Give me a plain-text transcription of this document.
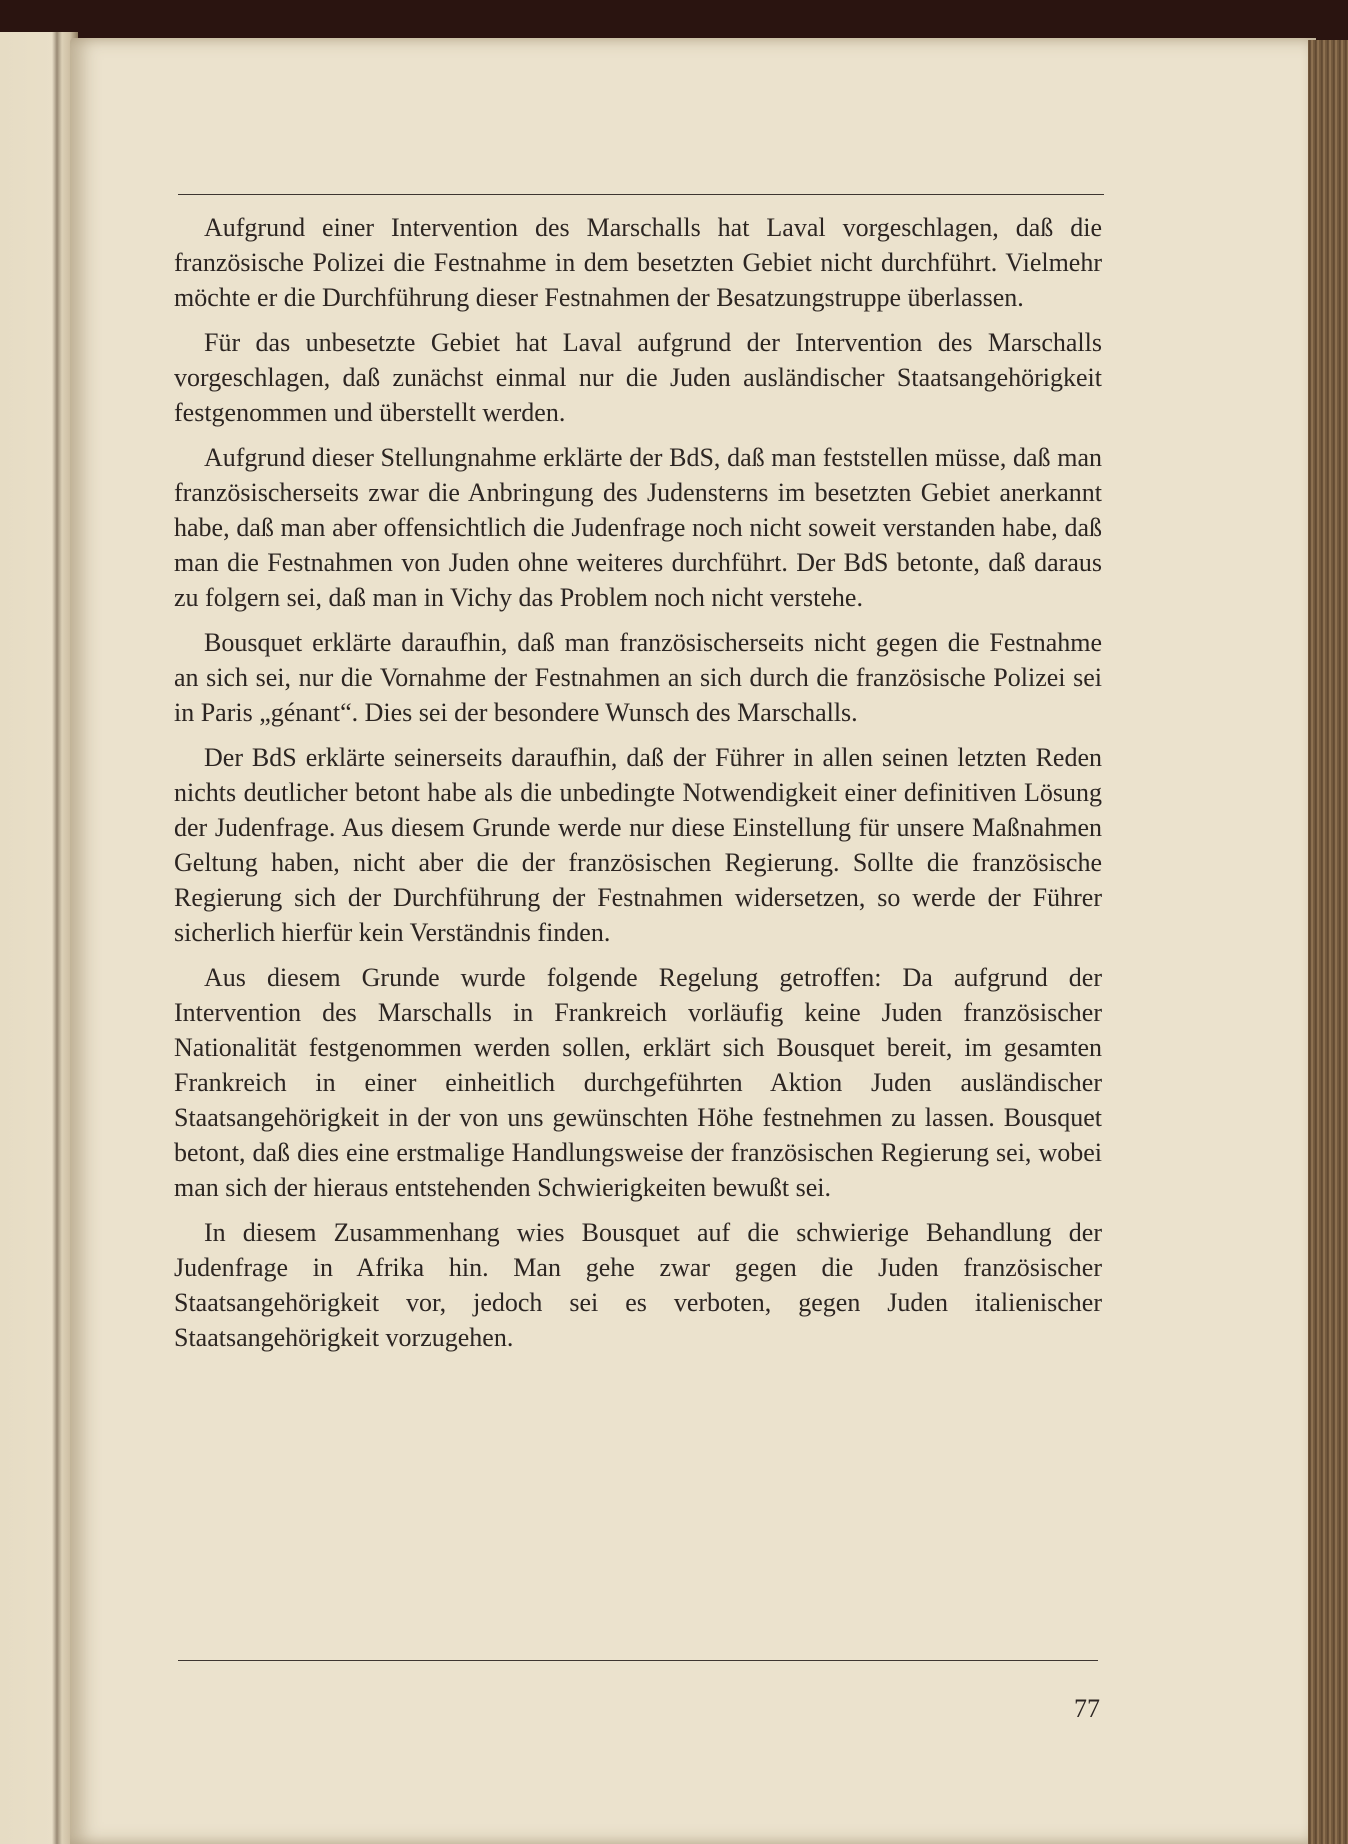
Aufgrund einer Intervention des Marschalls hat Laval vorgeschlagen, daß die französische Polizei die Festnahme in dem besetzten Gebiet nicht durchführt. Vielmehr möchte er die Durchführung dieser Festnahmen der Besatzungstruppe überlassen.

Für das unbesetzte Gebiet hat Laval aufgrund der Intervention des Marschalls vorgeschlagen, daß zunächst einmal nur die Juden ausländischer Staatsangehörigkeit festgenommen und überstellt werden.

Aufgrund dieser Stellungnahme erklärte der BdS, daß man feststellen müsse, daß man französischerseits zwar die Anbringung des Judensterns im besetzten Gebiet anerkannt habe, daß man aber offensichtlich die Judenfrage noch nicht soweit verstanden habe, daß man die Festnahmen von Juden ohne weiteres durchführt. Der BdS betonte, daß daraus zu folgern sei, daß man in Vichy das Problem noch nicht verstehe.

Bousquet erklärte daraufhin, daß man französischerseits nicht gegen die Festnahme an sich sei, nur die Vornahme der Festnahmen an sich durch die französische Polizei sei in Paris „génant“. Dies sei der besondere Wunsch des Marschalls.

Der BdS erklärte seinerseits daraufhin, daß der Führer in allen seinen letzten Reden nichts deutlicher betont habe als die unbedingte Notwendigkeit einer definitiven Lösung der Judenfrage. Aus diesem Grunde werde nur diese Einstellung für unsere Maßnahmen Geltung haben, nicht aber die der französischen Regierung. Sollte die französische Regierung sich der Durchführung der Festnahmen widersetzen, so werde der Führer sicherlich hierfür kein Verständnis finden.

Aus diesem Grunde wurde folgende Regelung getroffen: Da aufgrund der Intervention des Marschalls in Frankreich vorläufig keine Juden französischer Nationalität festgenommen werden sollen, erklärt sich Bousquet bereit, im gesamten Frankreich in einer einheitlich durchgeführten Aktion Juden ausländischer Staatsangehörigkeit in der von uns gewünschten Höhe festnehmen zu lassen. Bousquet betont, daß dies eine erstmalige Handlungsweise der französischen Regierung sei, wobei man sich der hieraus entstehenden Schwierigkeiten bewußt sei.

In diesem Zusammenhang wies Bousquet auf die schwierige Behandlung der Judenfrage in Afrika hin. Man gehe zwar gegen die Juden französischer Staatsangehörigkeit vor, jedoch sei es verboten, gegen Juden italienischer Staatsangehörigkeit vorzugehen.

77
